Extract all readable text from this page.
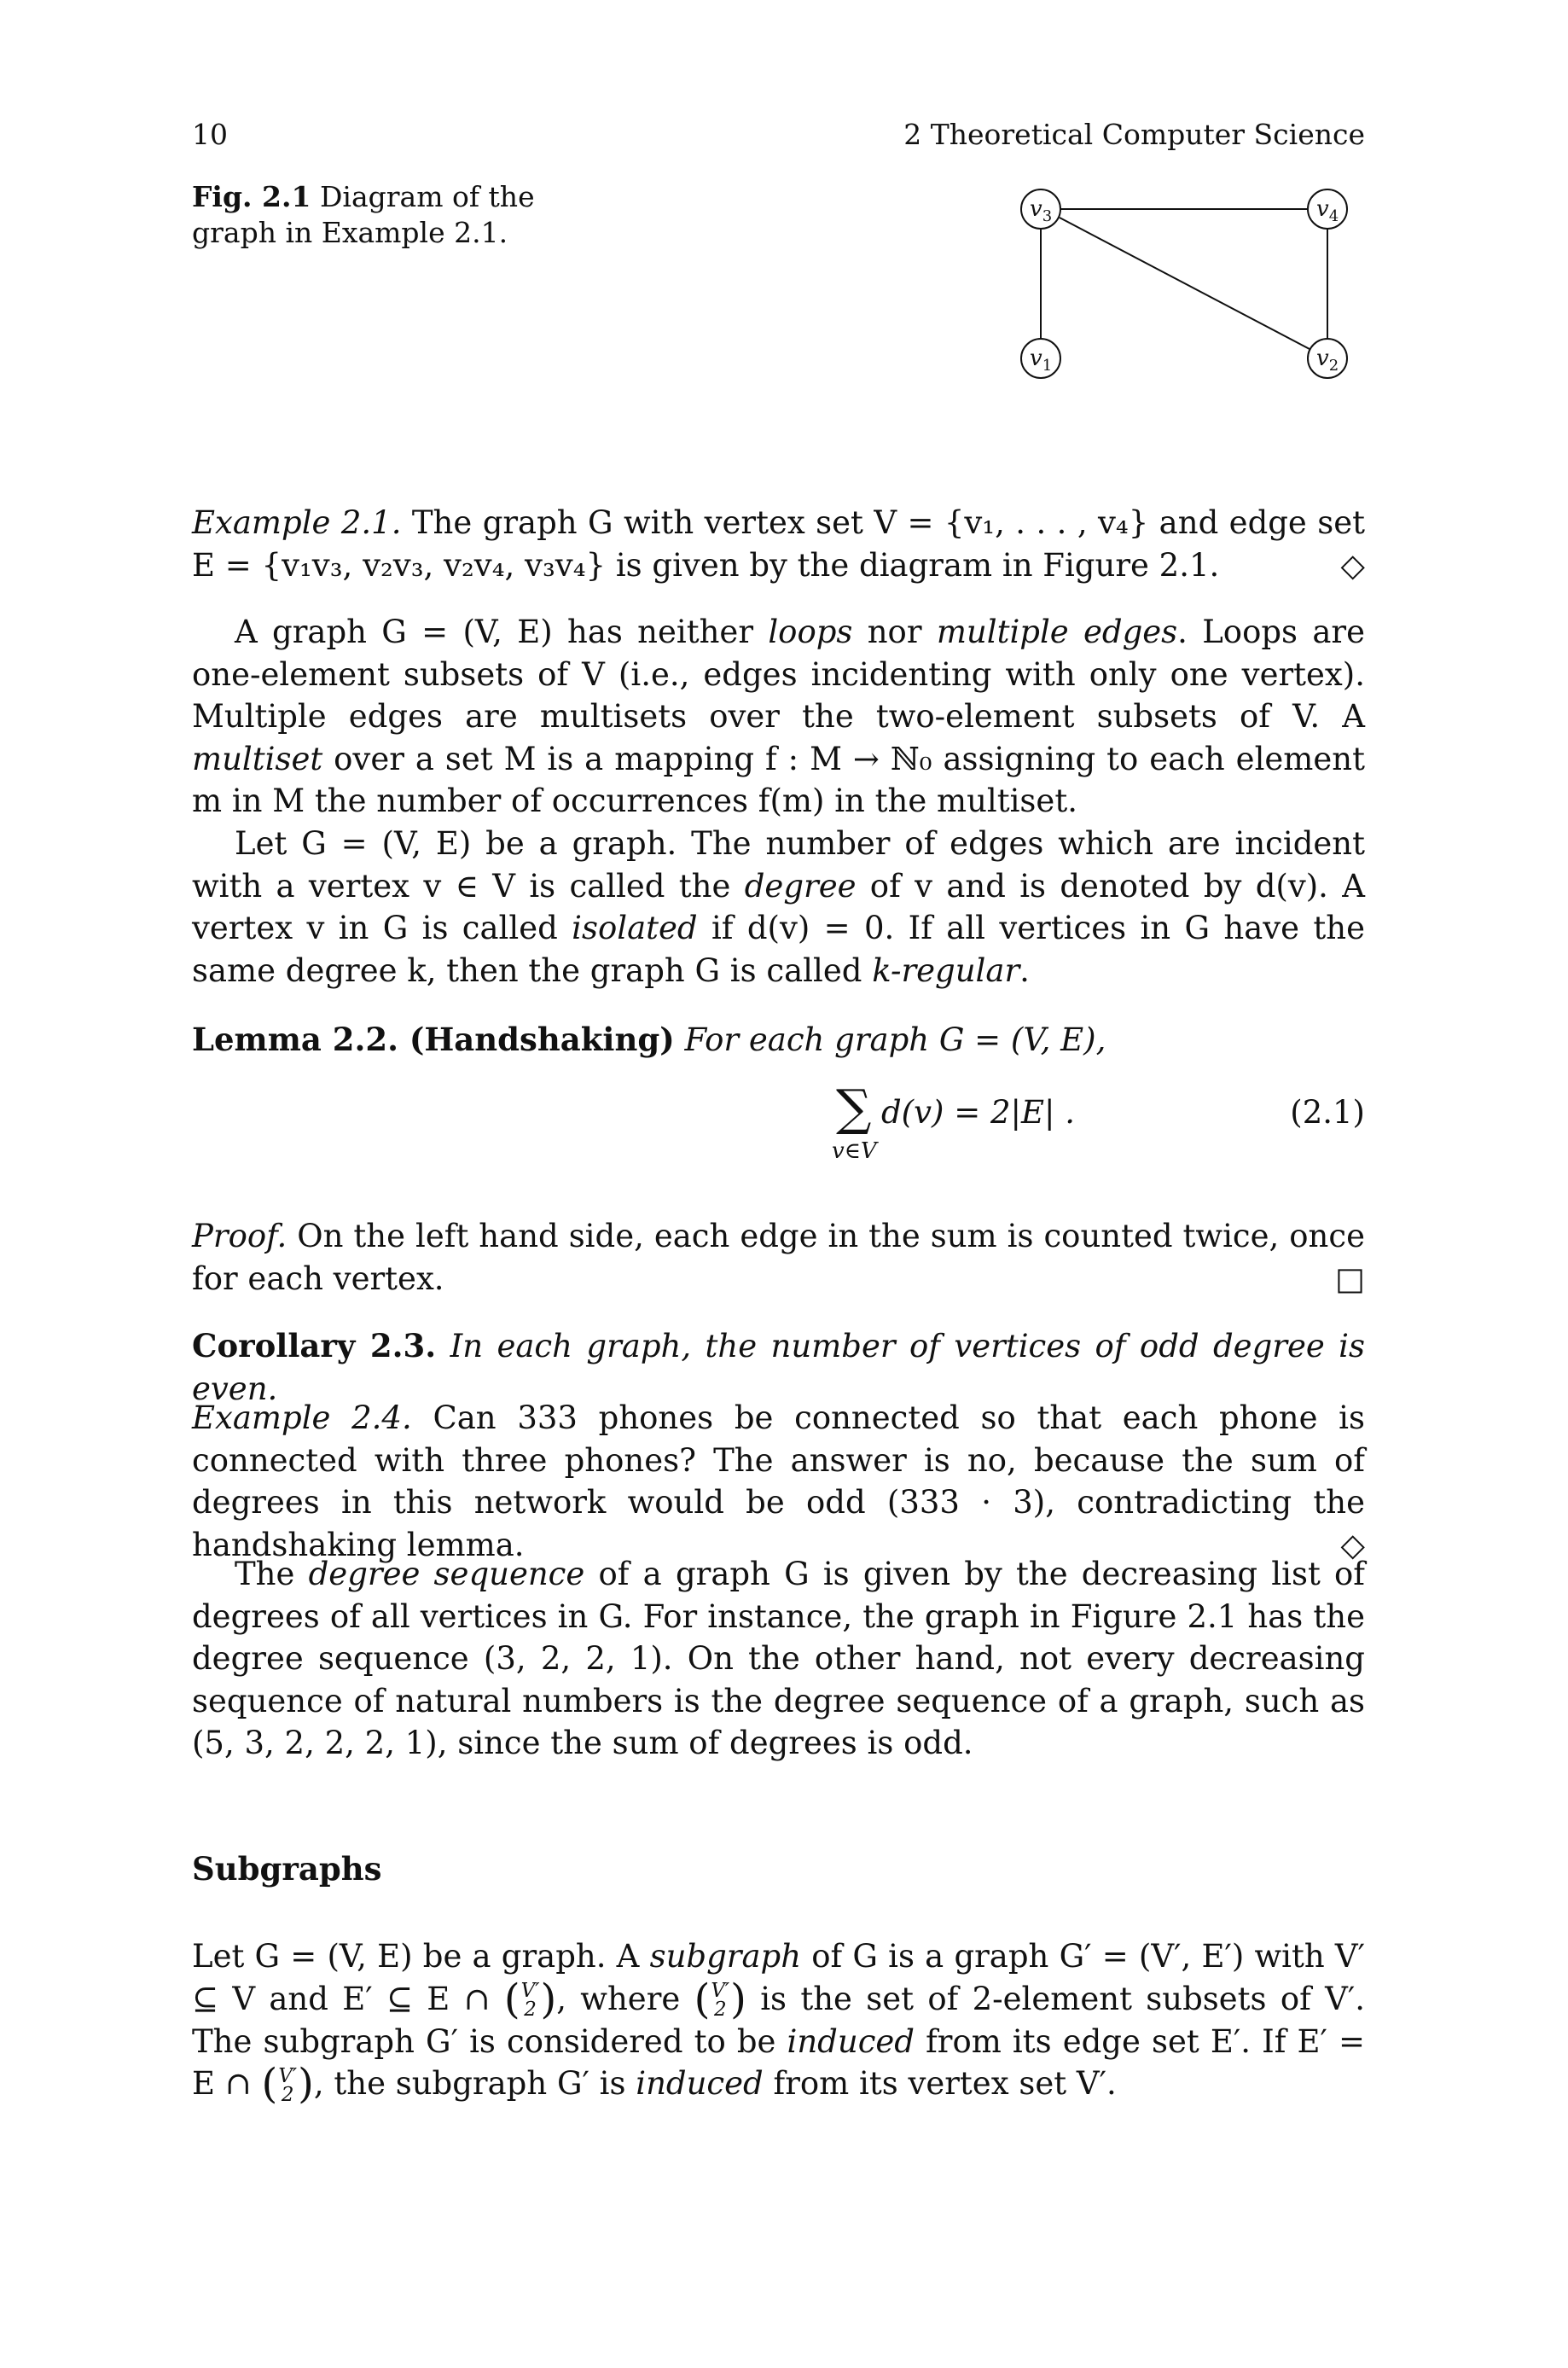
10	2 Theoretical Computer Science
Fig. 2.1 Diagram of the graph in Example 2.1.
$v_3$	$v_4$
$v_1$	$v_2$

Example 2.1. The graph G with vertex set V = {v₁, . . . , v₄} and edge set

E = {v₁v₃, v₂v₃, v₂v₄, v₃v₄} is given by the diagram in Figure 2.1.	◇

A graph G = (V, E) has neither loops nor multiple edges. Loops are one-element subsets of V (i.e., edges incidenting with only one vertex). Multiple edges are multisets over the two-element subsets of V. A multiset over a set M is a mapping f : M → ℕ₀ assigning to each element m in M the number of occurrences f(m) in the multiset.

Let G = (V, E) be a graph. The number of edges which are incident with a vertex v ∈ V is called the degree of v and is denoted by d(v). A vertex v in G is called isolated if d(v) = 0. If all vertices in G have the same degree k, then the graph G is called k-regular.

Lemma 2.2. (Handshaking) For each graph G = (V, E),

∑
v∈V
d(v) = 2|E| .	(2.1)

Proof. On the left hand side, each edge in the sum is counted twice, once for each vertex.	□

Corollary 2.3. In each graph, the number of vertices of odd degree is even.

Example 2.4. Can 333 phones be connected so that each phone is connected with three phones? The answer is no, because the sum of degrees in this network would be odd (333 · 3), contradicting the handshaking lemma.	◇

The degree sequence of a graph G is given by the decreasing list of degrees of all vertices in G. For instance, the graph in Figure 2.1 has the degree sequence (3, 2, 2, 1). On the other hand, not every decreasing sequence of natural numbers is the degree sequence of a graph, such as (5, 3, 2, 2, 2, 1), since the sum of degrees is odd.

Subgraphs

Let G = (V, E) be a graph. A subgraph of G is a graph G′ = (V′, E′) with V′ ⊆ V and E′ ⊆ E ∩ (V′
2), where (V′
2) is the set of 2-element subsets of V′. The subgraph G′ is considered to be induced from its edge set E′. If E′ = E ∩ (V′
2), the subgraph G′ is induced from its vertex set V′.
